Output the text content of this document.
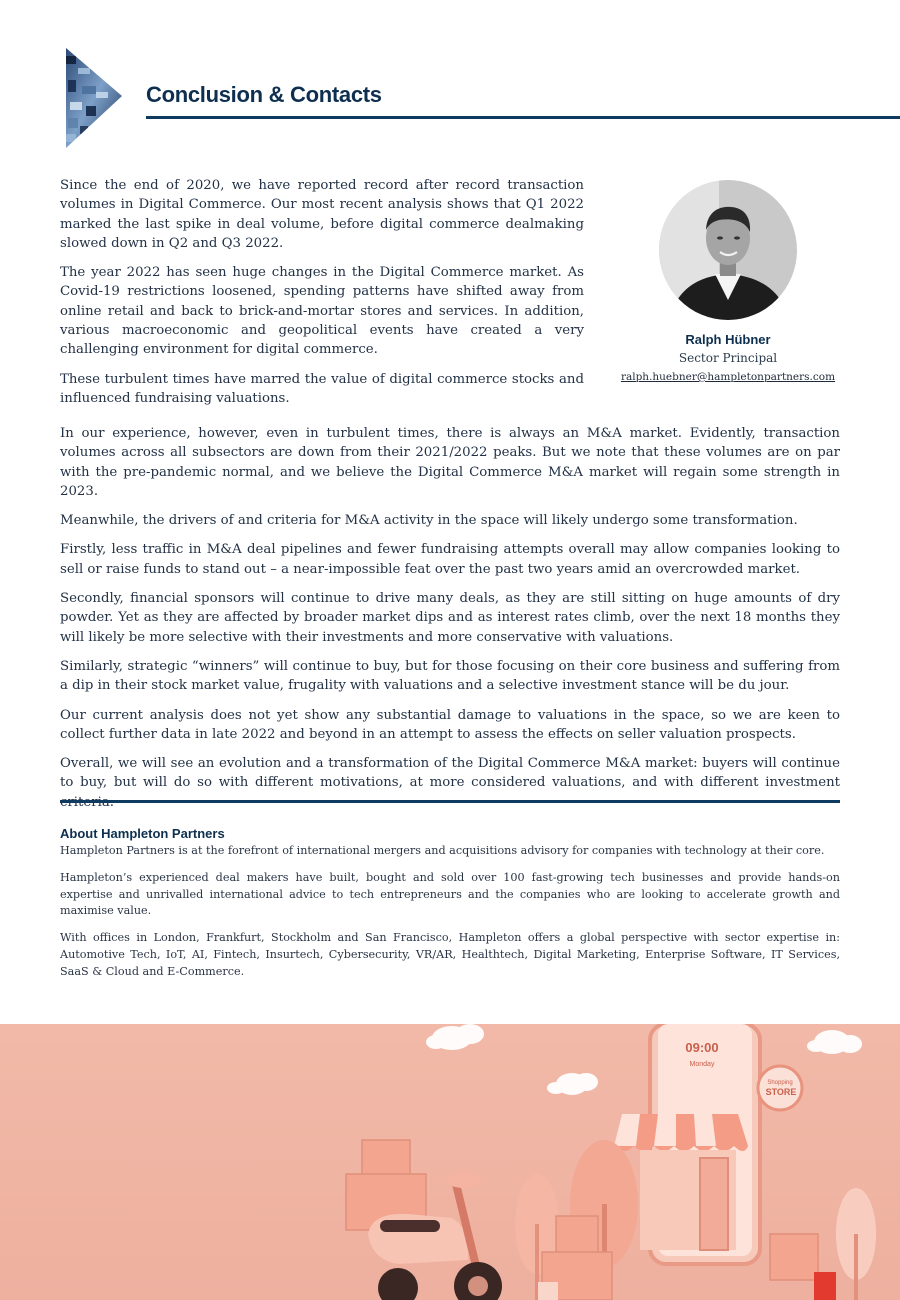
Conclusion & Contacts

Since the end of 2020, we have reported record after record transaction volumes in Digital Commerce. Our most recent analysis shows that Q1 2022 marked the last spike in deal volume, before digital commerce dealmaking slowed down in Q2 and Q3 2022.

The year 2022 has seen huge changes in the Digital Commerce market. As Covid-19 restrictions loosened, spending patterns have shifted away from online retail and back to brick-and-mortar stores and services. In addition, various macroeconomic and geopolitical events have created a very challenging environment for digital commerce.

These turbulent times have marred the value of digital commerce stocks and influenced fundraising valuations.

Ralph Hübner
Sector Principal
ralph.huebner@hampletonpartners.com

In our experience, however, even in turbulent times, there is always an M&A market. Evidently, transaction volumes across all subsectors are down from their 2021/2022 peaks. But we note that these volumes are on par with the pre-pandemic normal, and we believe the Digital Commerce M&A market will regain some strength in 2023.

Meanwhile, the drivers of and criteria for M&A activity in the space will likely undergo some transformation.

Firstly, less traffic in M&A deal pipelines and fewer fundraising attempts overall may allow companies looking to sell or raise funds to stand out – a near-impossible feat over the past two years amid an overcrowded market.

Secondly, financial sponsors will continue to drive many deals, as they are still sitting on huge amounts of dry powder. Yet as they are affected by broader market dips and as interest rates climb, over the next 18 months they will likely be more selective with their investments and more conservative with valuations.

Similarly, strategic “winners” will continue to buy, but for those focusing on their core business and suffering from a dip in their stock market value, frugality with valuations and a selective investment stance will be du jour.

Our current analysis does not yet show any substantial damage to valuations in the space, so we are keen to collect further data in late 2022 and beyond in an attempt to assess the effects on seller valuation prospects.

Overall, we will see an evolution and a transformation of the Digital Commerce M&A market: buyers will continue to buy, but will do so with different motivations, at more considered valuations, and with different investment

About Hampleton Partners

Hampleton Partners is at the forefront of international mergers and acquisitions advisory for companies with technology at their core.

Hampleton’s experienced deal makers have built, bought and sold over 100 fast-growing tech businesses and provide hands-on expertise and unrivalled international advice to tech entrepreneurs and the companies who are looking to accelerate growth and maximise value.

With offices in London, Frankfurt, Stockholm and San Francisco, Hampleton offers a global perspective with sector expertise in: Automotive Tech, IoT, AI, Fintech, Insurtech, Cybersecurity, VR/AR, Healthtech, Digital Marketing, Enterprise Software, IT Services, SaaS & Cloud and E-Commerce.

09:00
Monday
Shopping
STORE
